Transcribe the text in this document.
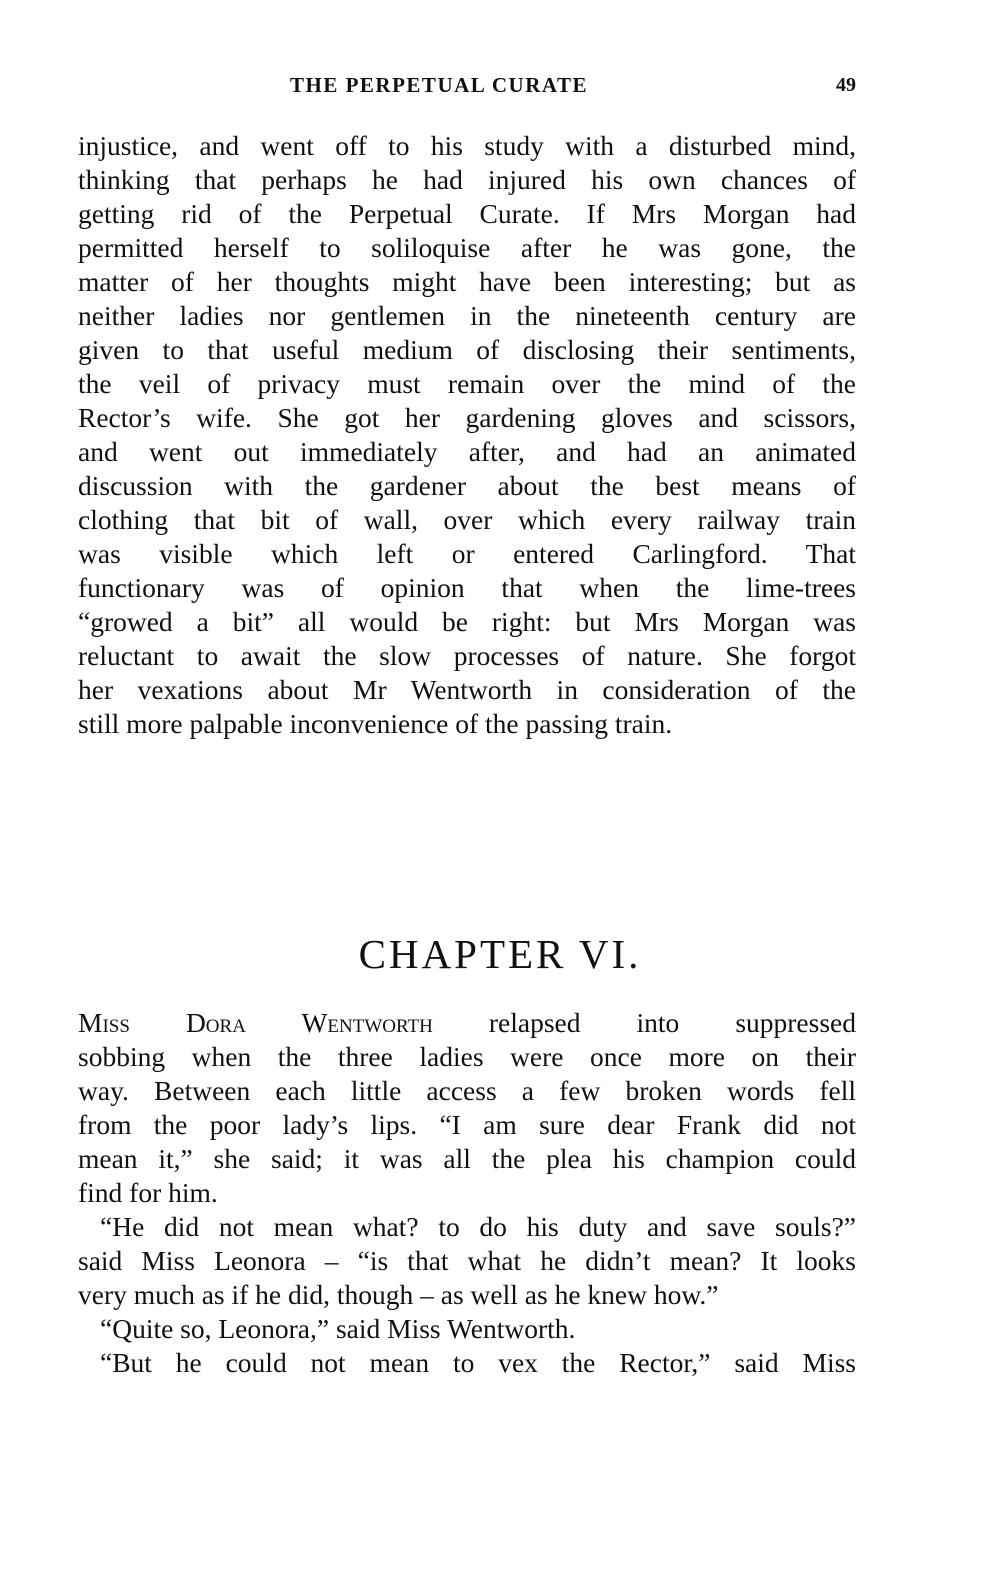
THE PERPETUAL CURATE	49
injustice, and went off to his study with a disturbed mind,
thinking that perhaps he had injured his own chances of
getting rid of the Perpetual Curate. If Mrs Morgan had
permitted herself to soliloquise after he was gone, the
matter of her thoughts might have been interesting; but as
neither ladies nor gentlemen in the nineteenth century are
given to that useful medium of disclosing their sentiments,
the veil of privacy must remain over the mind of the
Rector’s wife. She got her gardening gloves and scissors,
and went out immediately after, and had an animated
discussion with the gardener about the best means of
clothing that bit of wall, over which every railway train
was visible which left or entered Carlingford. That
functionary was of opinion that when the lime-trees
“growed a bit” all would be right: but Mrs Morgan was
reluctant to await the slow processes of nature. She forgot
her vexations about Mr Wentworth in consideration of the
still more palpable inconvenience of the passing train.
CHAPTER VI.
Miss Dora Wentworth relapsed into suppressed
sobbing when the three ladies were once more on their
way. Between each little access a few broken words fell
from the poor lady’s lips. “I am sure dear Frank did not
mean it,” she said; it was all the plea his champion could
find for him.
“He did not mean what? to do his duty and save souls?”
said Miss Leonora – “is that what he didn’t mean? It looks
very much as if he did, though – as well as he knew how.”
“Quite so, Leonora,” said Miss Wentworth.
“But he could not mean to vex the Rector,” said Miss
